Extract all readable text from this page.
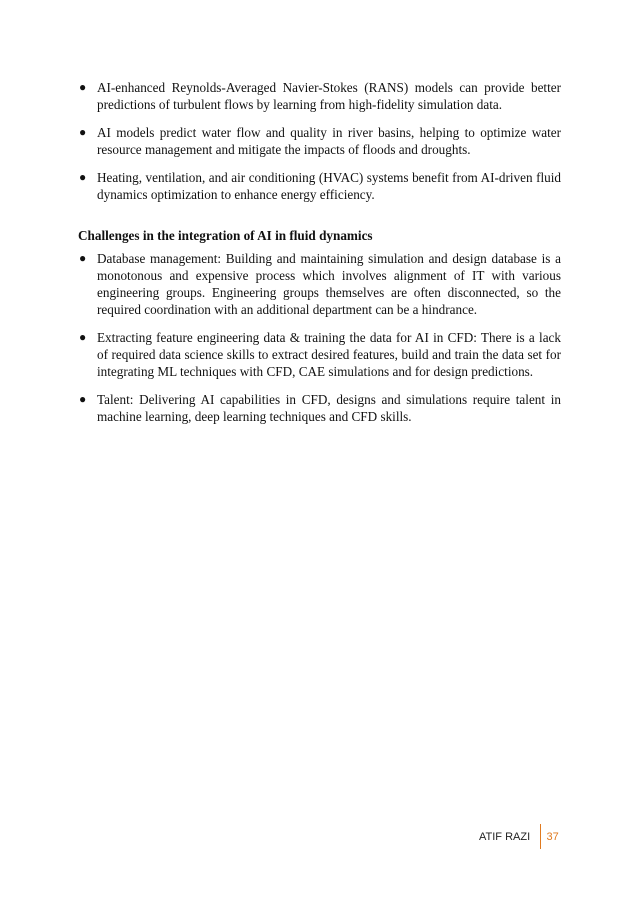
● AI-enhanced Reynolds-Averaged Navier-Stokes (RANS) models can provide better predictions of turbulent flows by learning from high-fidelity simulation data.
● AI models predict water flow and quality in river basins, helping to optimize water resource management and mitigate the impacts of floods and droughts.
● Heating, ventilation, and air conditioning (HVAC) systems benefit from AI-driven fluid dynamics optimization to enhance energy efficiency.
Challenges in the integration of AI in fluid dynamics
● Database management: Building and maintaining simulation and design database is a monotonous and expensive process which involves alignment of IT with various engineering groups. Engineering groups themselves are often disconnected, so the required coordination with an additional department can be a hindrance.
● Extracting feature engineering data & training the data for AI in CFD: There is a lack of required data science skills to extract desired features, build and train the data set for integrating ML techniques with CFD, CAE simulations and for design predictions.
● Talent: Delivering AI capabilities in CFD, designs and simulations require talent in machine learning, deep learning techniques and CFD skills.
ATIF RAZI	37
